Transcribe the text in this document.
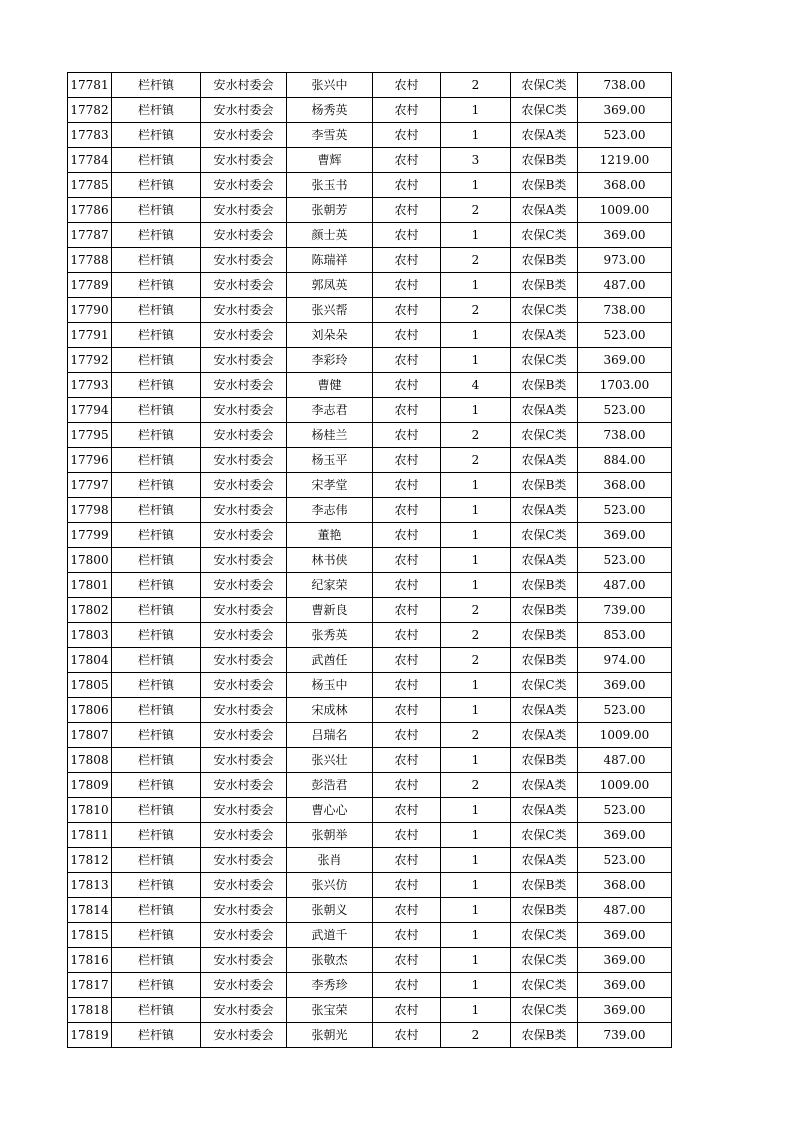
17781	栏杆镇	安水村委会	张兴中	农村	2	农保C类	738.00
17782	栏杆镇	安水村委会	杨秀英	农村	1	农保C类	369.00
17783	栏杆镇	安水村委会	李雪英	农村	1	农保A类	523.00
17784	栏杆镇	安水村委会	曹辉	农村	3	农保B类	1219.00
17785	栏杆镇	安水村委会	张玉书	农村	1	农保B类	368.00
17786	栏杆镇	安水村委会	张朝芳	农村	2	农保A类	1009.00
17787	栏杆镇	安水村委会	颜士英	农村	1	农保C类	369.00
17788	栏杆镇	安水村委会	陈瑞祥	农村	2	农保B类	973.00
17789	栏杆镇	安水村委会	郭凤英	农村	1	农保B类	487.00
17790	栏杆镇	安水村委会	张兴帮	农村	2	农保C类	738.00
17791	栏杆镇	安水村委会	刘朵朵	农村	1	农保A类	523.00
17792	栏杆镇	安水村委会	李彩玲	农村	1	农保C类	369.00
17793	栏杆镇	安水村委会	曹健	农村	4	农保B类	1703.00
17794	栏杆镇	安水村委会	李志君	农村	1	农保A类	523.00
17795	栏杆镇	安水村委会	杨桂兰	农村	2	农保C类	738.00
17796	栏杆镇	安水村委会	杨玉平	农村	2	农保A类	884.00
17797	栏杆镇	安水村委会	宋孝堂	农村	1	农保B类	368.00
17798	栏杆镇	安水村委会	李志伟	农村	1	农保A类	523.00
17799	栏杆镇	安水村委会	董艳	农村	1	农保C类	369.00
17800	栏杆镇	安水村委会	林书侠	农村	1	农保A类	523.00
17801	栏杆镇	安水村委会	纪家荣	农村	1	农保B类	487.00
17802	栏杆镇	安水村委会	曹新良	农村	2	农保B类	739.00
17803	栏杆镇	安水村委会	张秀英	农村	2	农保B类	853.00
17804	栏杆镇	安水村委会	武酋任	农村	2	农保B类	974.00
17805	栏杆镇	安水村委会	杨玉中	农村	1	农保C类	369.00
17806	栏杆镇	安水村委会	宋成林	农村	1	农保A类	523.00
17807	栏杆镇	安水村委会	吕瑞名	农村	2	农保A类	1009.00
17808	栏杆镇	安水村委会	张兴壮	农村	1	农保B类	487.00
17809	栏杆镇	安水村委会	彭浩君	农村	2	农保A类	1009.00
17810	栏杆镇	安水村委会	曹心心	农村	1	农保A类	523.00
17811	栏杆镇	安水村委会	张朝举	农村	1	农保C类	369.00
17812	栏杆镇	安水村委会	张肖	农村	1	农保A类	523.00
17813	栏杆镇	安水村委会	张兴仿	农村	1	农保B类	368.00
17814	栏杆镇	安水村委会	张朝义	农村	1	农保B类	487.00
17815	栏杆镇	安水村委会	武道千	农村	1	农保C类	369.00
17816	栏杆镇	安水村委会	张敬杰	农村	1	农保C类	369.00
17817	栏杆镇	安水村委会	李秀珍	农村	1	农保C类	369.00
17818	栏杆镇	安水村委会	张宝荣	农村	1	农保C类	369.00
17819	栏杆镇	安水村委会	张朝光	农村	2	农保B类	739.00
